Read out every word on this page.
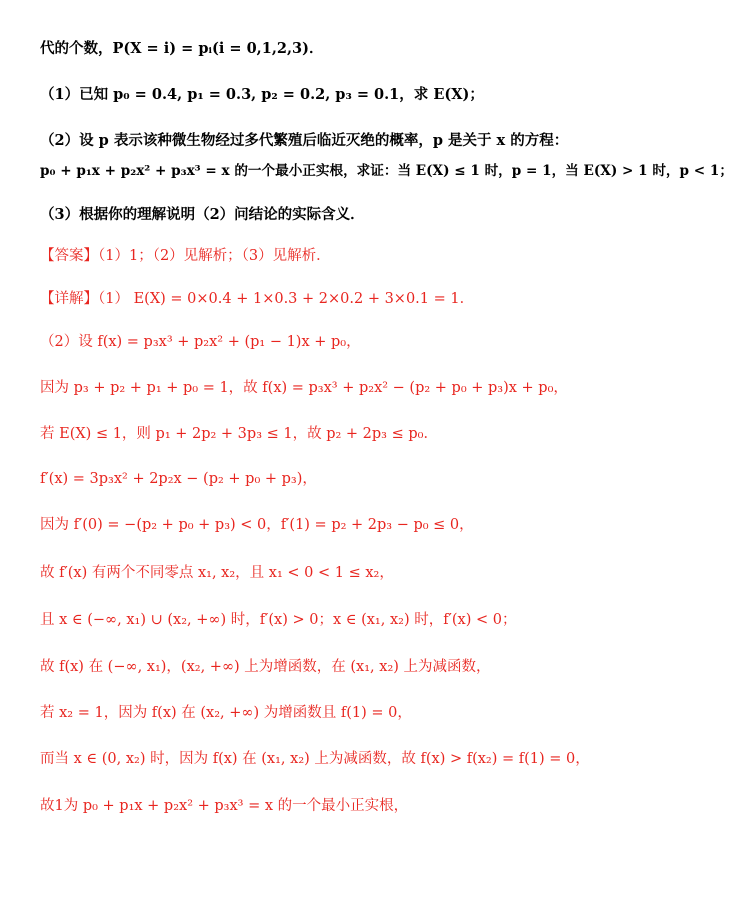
代的个数，P(X = i) = pᵢ(i = 0,1,2,3)．
（1）已知 p₀ = 0.4, p₁ = 0.3, p₂ = 0.2, p₃ = 0.1，求 E(X)；
（2）设 p 表示该种微生物经过多代繁殖后临近灭绝的概率，p 是关于 x 的方程：
p₀ + p₁x + p₂x² + p₃x³ = x 的一个最小正实根，求证：当 E(X) ≤ 1 时，p = 1，当 E(X) > 1 时，p < 1；
（3）根据你的理解说明（2）问结论的实际含义．
【答案】（1）1；（2）见解析；（3）见解析．
【详解】（1） E(X) = 0×0.4 + 1×0.3 + 2×0.2 + 3×0.1 = 1．
（2）设 f(x) = p₃x³ + p₂x² + (p₁ − 1)x + p₀，
因为 p₃ + p₂ + p₁ + p₀ = 1，故 f(x) = p₃x³ + p₂x² − (p₂ + p₀ + p₃)x + p₀，
若 E(X) ≤ 1，则 p₁ + 2p₂ + 3p₃ ≤ 1，故 p₂ + 2p₃ ≤ p₀．
f′(x) = 3p₃x² + 2p₂x − (p₂ + p₀ + p₃)，
因为 f′(0) = −(p₂ + p₀ + p₃) < 0，f′(1) = p₂ + 2p₃ − p₀ ≤ 0，
故 f′(x) 有两个不同零点 x₁, x₂，且 x₁ < 0 < 1 ≤ x₂，
且 x ∈ (−∞, x₁) ∪ (x₂, +∞) 时，f′(x) > 0；x ∈ (x₁, x₂) 时，f′(x) < 0；
故 f(x) 在 (−∞, x₁)，(x₂, +∞) 上为增函数，在 (x₁, x₂) 上为减函数，
若 x₂ = 1，因为 f(x) 在 (x₂, +∞) 为增函数且 f(1) = 0，
而当 x ∈ (0, x₂) 时，因为 f(x) 在 (x₁, x₂) 上为减函数，故 f(x) > f(x₂) = f(1) = 0，
故1为 p₀ + p₁x + p₂x² + p₃x³ = x 的一个最小正实根，
